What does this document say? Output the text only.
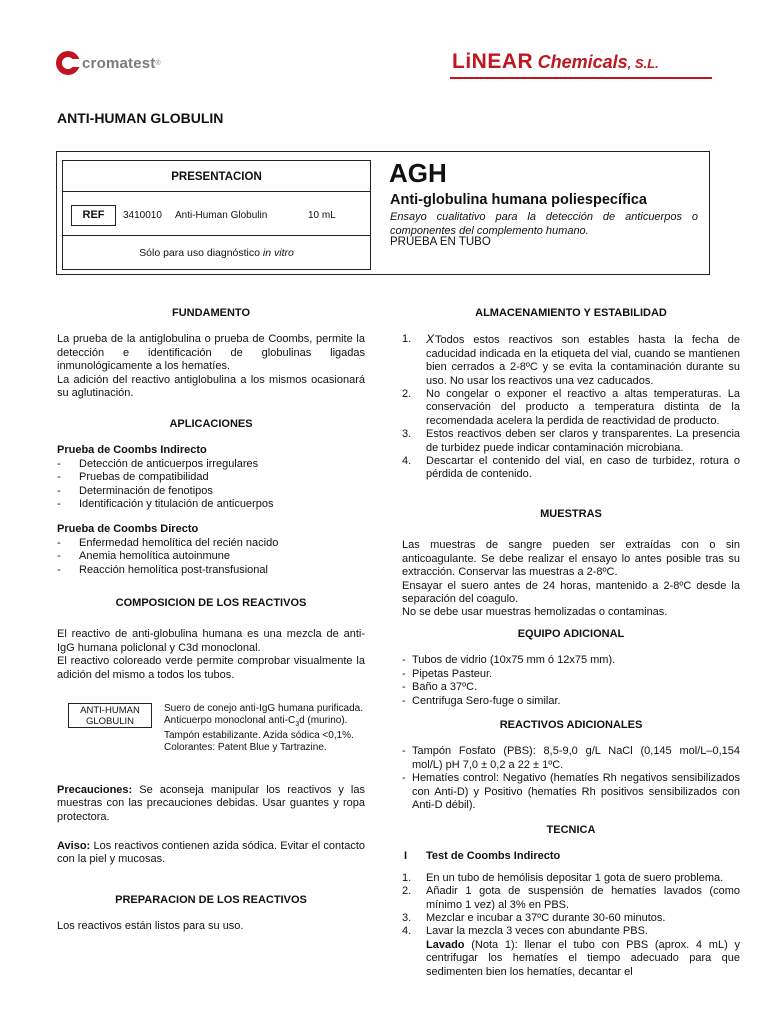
cromatest ®	LiNEAR Chemicals, S.L.
ANTI-HUMAN GLOBULIN
PRESENTACION
REF	3410010 Anti-Human Globulin	10 mL
Sólo para uso diagnóstico in vitro
AGH
Anti-globulina humana poliespecífica
Ensayo cualitativo para la detección de anticuerpos o componentes del complemento humano.
PRUEBA EN TUBO
FUNDAMENTO
La prueba de la antiglobulina o prueba de Coombs, permite la detección e identificación de globulinas ligadas inmunológicamente a los hematíes.
La adición del reactivo antiglobulina a los mismos ocasionará su aglutinación.
APLICACIONES
Prueba de Coombs Indirecto
- Detección de anticuerpos irregulares
- Pruebas de compatibilidad
- Determinación de fenotipos
- Identificación y titulación de anticuerpos
Prueba de Coombs Directo
- Enfermedad hemolítica del recién nacido
- Anemia hemolítica autoinmune
- Reacción hemolítica post-transfusional
COMPOSICION DE LOS REACTIVOS
El reactivo de anti-globulina humana es una mezcla de anti-IgG humana policlonal y C3d monoclonal.
El reactivo coloreado verde permite comprobar visualmente la adición del mismo a todos los tubos.
ANTI-HUMAN
GLOBULIN
Suero de conejo anti-IgG humana purificada.
Anticuerpo monoclonal anti-$C_3d$ (murino).
Tampón estabilizante. Azida sódica <0,1%.
Colorantes: Patent Blue y Tartrazine.
Precauciones: Se aconseja manipular los reactivos y las muestras con las precauciones debidas. Usar guantes y ropa protectora.
Aviso: Los reactivos contienen azida sódica. Evitar el contacto con la piel y mucosas.
PREPARACION DE LOS REACTIVOS
Los reactivos están listos para su uso.
ALMACENAMIENTO Y ESTABILIDAD
1. XTodos estos reactivos son estables hasta la fecha de caducidad indicada en la etiqueta del vial, cuando se mantienen bien cerrados a 2-8ºC y se evita la contaminación durante su uso. No usar los reactivos una vez caducados.
2. No congelar o exponer el reactivo a altas temperaturas. La conservación del producto a temperatura distinta de la recomendada acelera la perdida de reactividad de producto.
3. Estos reactivos deben ser claros y transparentes. La presencia de turbidez puede indicar contaminación microbiana.
4. Descartar el contenido del vial, en caso de turbidez, rotura o pérdida de contenido.
MUESTRAS
Las muestras de sangre pueden ser extraídas con o sin anticoagulante. Se debe realizar el ensayo lo antes posible tras su extracción. Conservar las muestras a 2-8ºC.
Ensayar el suero antes de 24 horas, mantenido a 2-8ºC desde la separación del coagulo.
No se debe usar muestras hemolizadas o contaminas.
EQUIPO ADICIONAL
- Tubos de vidrio (10x75 mm ó 12x75 mm).
- Pipetas Pasteur.
- Baño a 37ºC.
- Centrifuga Sero-fuge o similar.
REACTIVOS ADICIONALES
- Tampón Fosfato (PBS): 8,5-9,0 g/L NaCl (0,145 mol/L–0,154 mol/L) pH 7,0 ± 0,2 a 22 ± 1ºC.
- Hematíes control: Negativo (hematíes Rh negativos sensibilizados con Anti-D) y Positivo (hematíes Rh positivos sensibilizados con Anti-D débil).
TECNICA
I Test de Coombs Indirecto
1. En un tubo de hemólisis depositar 1 gota de suero problema.
2. Añadir 1 gota de suspensión de hematíes lavados (como mínimo 1 vez) al 3% en PBS.
3. Mezclar e incubar a 37ºC durante 30-60 minutos.
4. Lavar la mezcla 3 veces con abundante PBS.
Lavado (Nota 1): llenar el tubo con PBS (aprox. 4 mL) y centrifugar los hematíes el tiempo adecuado para que sedimenten bien los hematíes, decantar el
